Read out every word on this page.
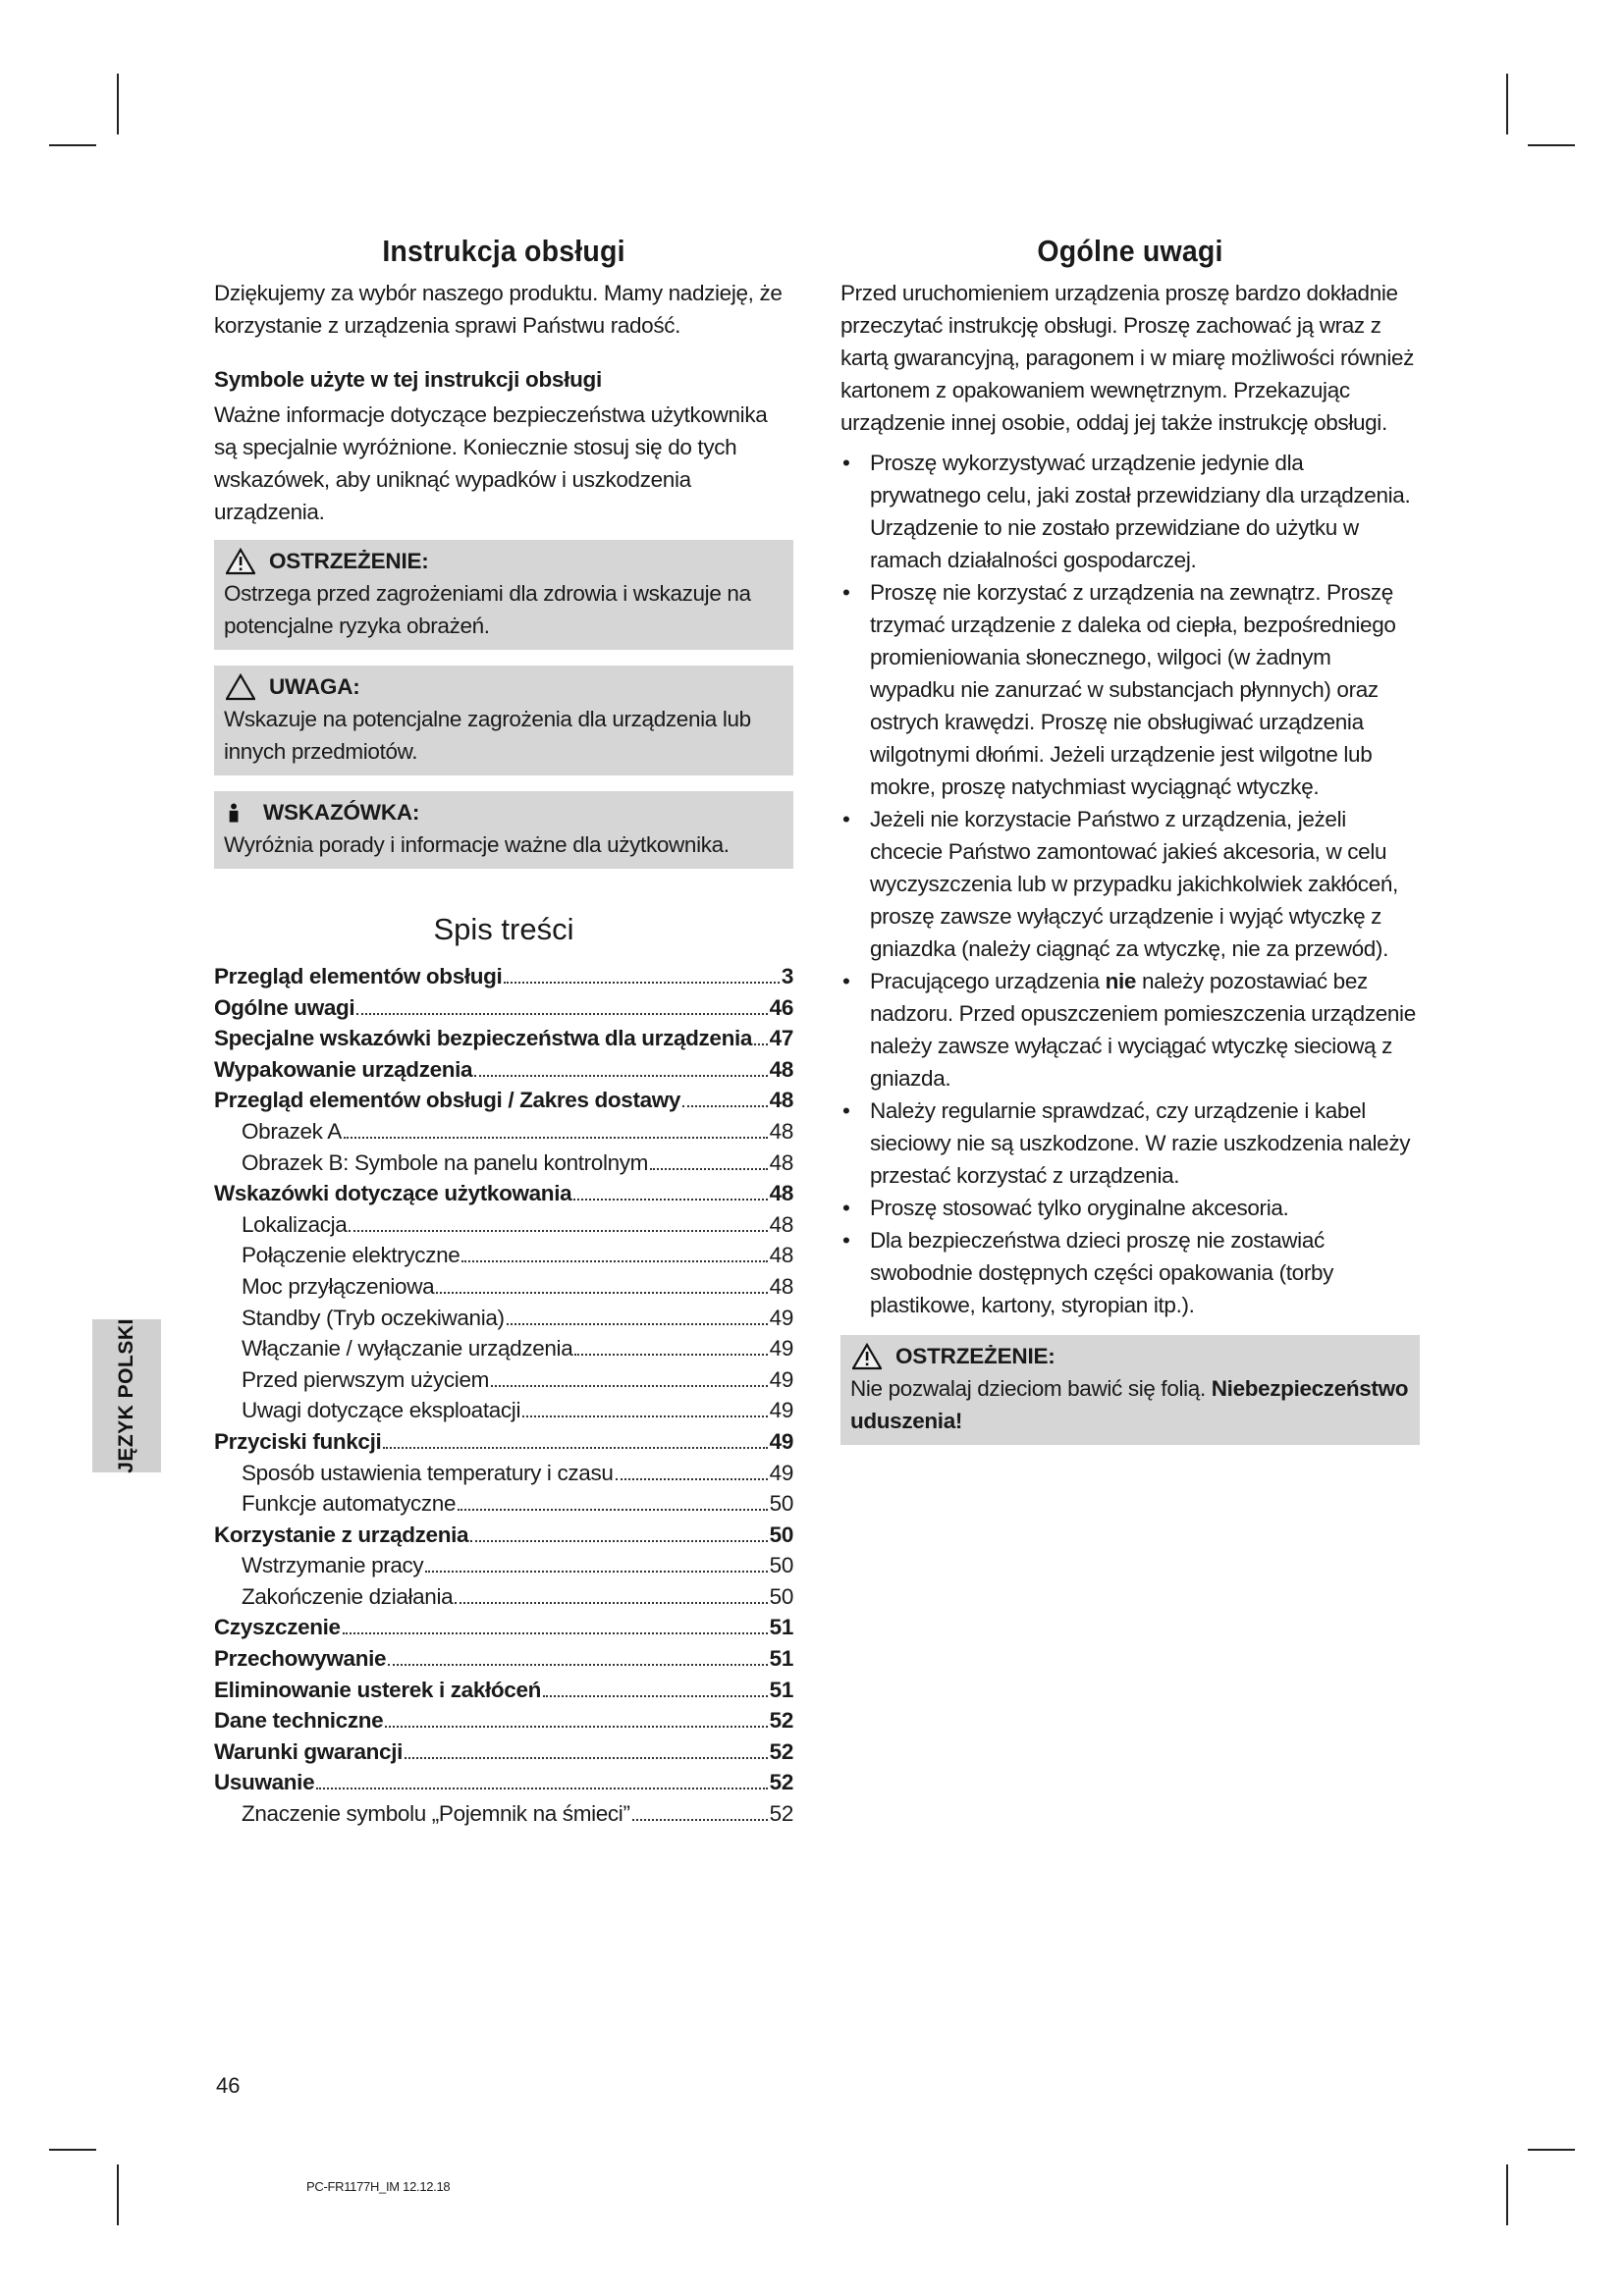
Instrukcja obsługi

Dziękujemy za wybór naszego produktu. Mamy nadzieję, że korzystanie z urządzenia sprawi Państwu radość.

Symbole użyte w tej instrukcji obsługi

Ważne informacje dotyczące bezpieczeństwa użytkownika są specjalnie wyróżnione. Koniecznie stosuj się do tych wskazówek, aby uniknąć wypadków i uszkodzenia urządzenia.

OSTRZEŻENIE:
Ostrzega przed zagrożeniami dla zdrowia i wskazuje na potencjalne ryzyka obrażeń.
UWAGA:
Wskazuje na potencjalne zagrożenia dla urządzenia lub innych przedmiotów.
WSKAZÓWKA:
Wyróżnia porady i informacje ważne dla użytkownika.
Spis treści
Przegląd elementów obsługi	3
Ogólne uwagi	46
Specjalne wskazówki bezpieczeństwa dla urządzenia 47
Wypakowanie urządzenia	48
Przegląd elementów obsługi / Zakres dostawy	48
Obrazek A	48
Obrazek B: Symbole na panelu kontrolnym	48
Wskazówki dotyczące użytkowania	48
Lokalizacja	48
Połączenie elektryczne	48
Moc przyłączeniowa	48
Standby (Tryb oczekiwania)	49
Włączanie / wyłączanie urządzenia	49
Przed pierwszym użyciem	49
Uwagi dotyczące eksploatacji	49
Przyciski funkcji	49
Sposób ustawienia temperatury i czasu	49
Funkcje automatyczne	50
Korzystanie z urządzenia	50
Wstrzymanie pracy	50
Zakończenie działania	50
Czyszczenie	51
Przechowywanie	51
Eliminowanie usterek i zakłóceń	51
Dane techniczne	52
Warunki gwarancji	52
Usuwanie	52
Znaczenie symbolu „Pojemnik na śmieci”	52
Ogólne uwagi

Przed uruchomieniem urządzenia proszę bardzo dokładnie przeczytać instrukcję obsługi. Proszę zachować ją wraz z kartą gwarancyjną, paragonem i w miarę możliwości również kartonem z opakowaniem wewnętrznym. Przekazując urządzenie innej osobie, oddaj jej także instrukcję obsługi.

• Proszę wykorzystywać urządzenie jedynie dla prywatnego celu, jaki został przewidziany dla urządzenia. Urządzenie to nie zostało przewidziane do użytku w ramach działalności gospodarczej.
• Proszę nie korzystać z urządzenia na zewnątrz. Proszę trzymać urządzenie z daleka od ciepła, bezpośredniego promieniowania słonecznego, wilgoci (w żadnym wypadku nie zanurzać w substancjach płynnych) oraz ostrych krawędzi. Proszę nie obsługiwać urządzenia wilgotnymi dłońmi. Jeżeli urządzenie jest wilgotne lub mokre, proszę natychmiast wyciągnąć wtyczkę.
• Jeżeli nie korzystacie Państwo z urządzenia, jeżeli chcecie Państwo zamontować jakieś akcesoria, w celu wyczyszczenia lub w przypadku jakichkolwiek zakłóceń, proszę zawsze wyłączyć urządzenie i wyjąć wtyczkę z gniazdka (należy ciągnąć za wtyczkę, nie za przewód).
• Pracującego urządzenia nie należy pozostawiać bez nadzoru. Przed opuszczeniem pomieszczenia urządzenie należy zawsze wyłączać i wyciągać wtyczkę sieciową z gniazda.
• Należy regularnie sprawdzać, czy urządzenie i kabel sieciowy nie są uszkodzone. W razie uszkodzenia należy przestać korzystać z urządzenia.
• Proszę stosować tylko oryginalne akcesoria.
• Dla bezpieczeństwa dzieci proszę nie zostawiać swobodnie dostępnych części opakowania (torby plastikowe, kartony, styropian itp.).
OSTRZEŻENIE:
Nie pozwalaj dzieciom bawić się folią. Niebezpieczeństwo uduszenia!
JĘZYK POLSKI
46
PC-FR1177H_IM 12.12.18
